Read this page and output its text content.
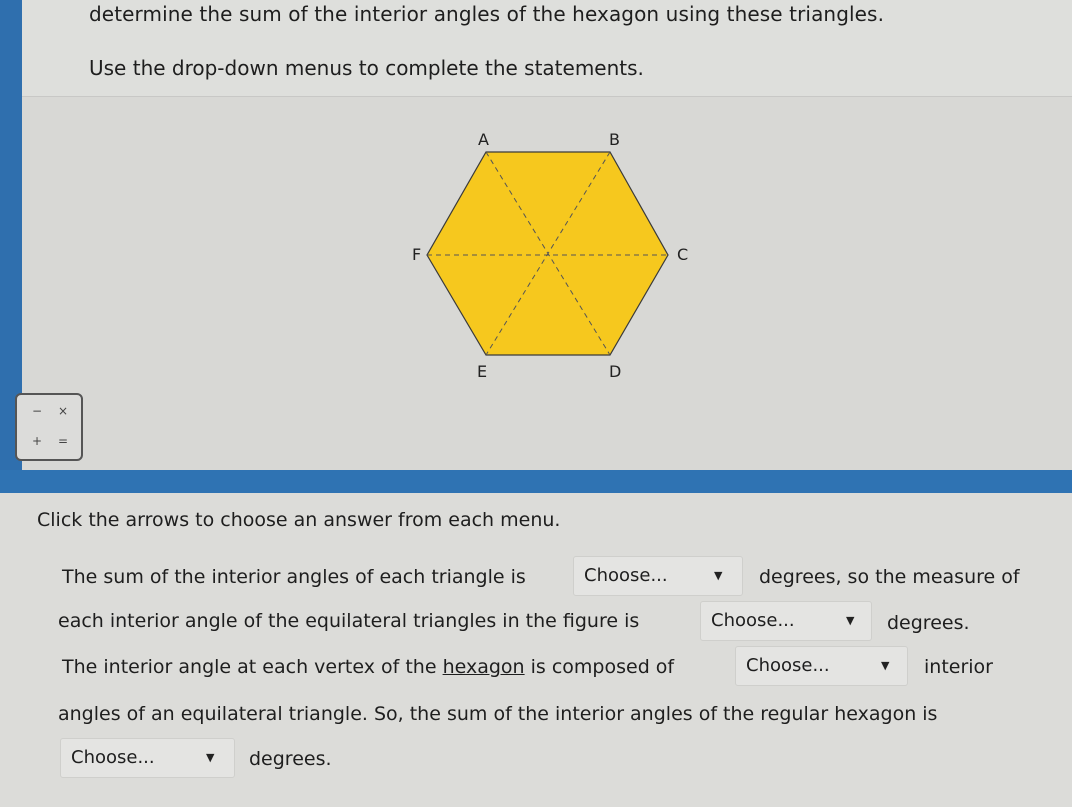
determine the sum of the interior angles of the hexagon using these triangles.
Use the drop-down menus to complete the statements.
A	B
C
D
E
F
−	×
+	=
Click the arrows to choose an answer from each menu.
The sum of the interior angles of each triangle is	Choose...	▼ degrees, so the measure of
each interior angle of the equilateral triangles in the figure is	Choose...	▼ degrees.
The interior angle at each vertex of the hexagon is composed of	Choose...	▼ interior
angles of an equilateral triangle. So, the sum of the interior angles of the regular hexagon is
Choose...	▼ degrees.
